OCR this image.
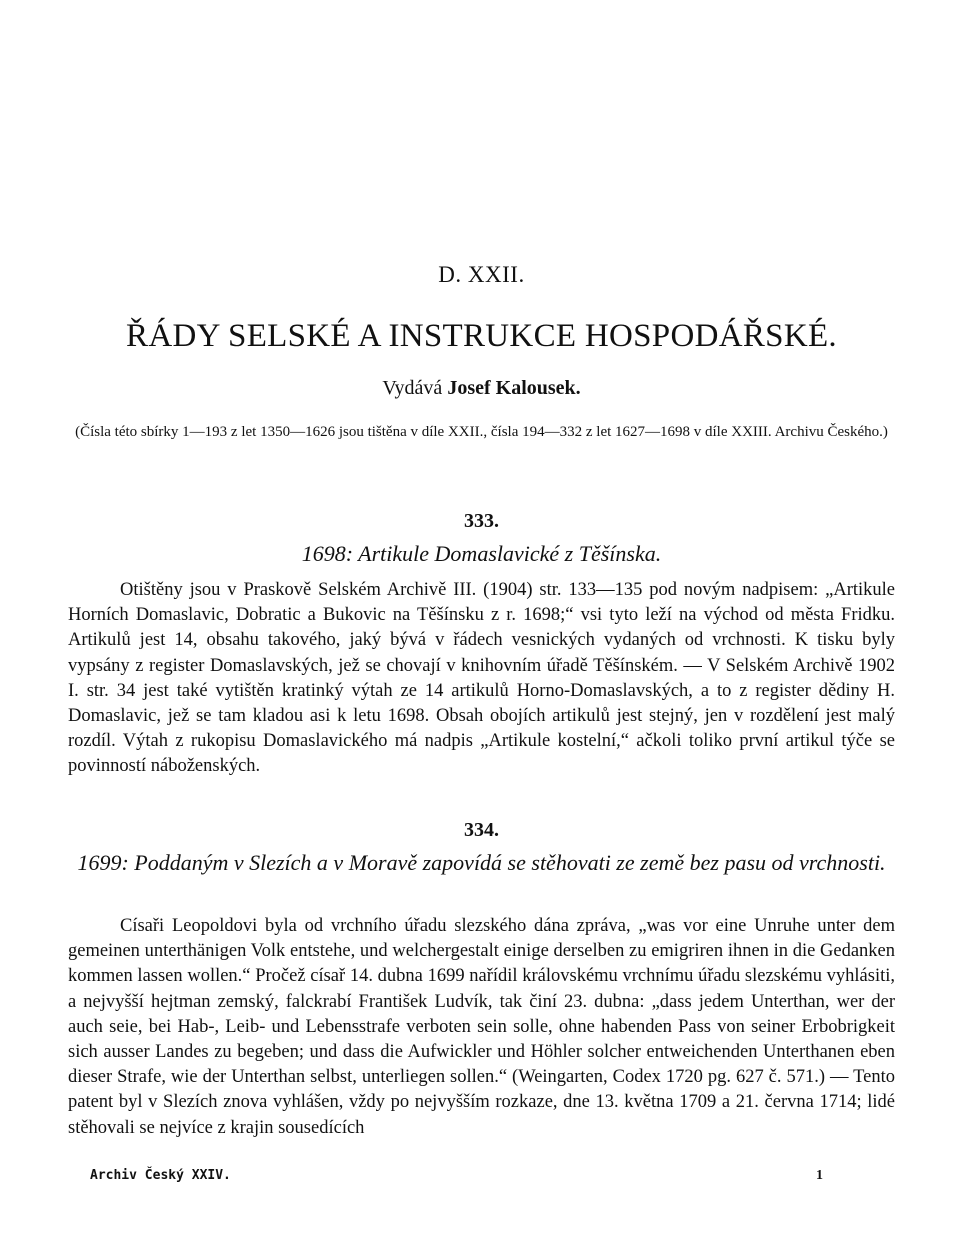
D. XXII.
ŘÁDY SELSKÉ A INSTRUKCE HOSPODÁŘSKÉ.
Vydává Josef Kalousek.
(Čísla této sbírky 1—193 z let 1350—1626 jsou tištěna v díle XXII., čísla 194—332 z let 1627—1698 v díle XXIII. Archivu Českého.)
333.
1698: Artikule Domaslavické z Těšínska.
Otištěny jsou v Praskově Selském Archivě III. (1904) str. 133—135 pod novým nadpisem: „Artikule Horních Domaslavic, Dobratic a Bukovic na Těšínsku z r. 1698;“ vsi tyto leží na východ od města Fridku. Artikulů jest 14, obsahu takového, jaký bývá v řádech vesnických vydaných od vrchnosti. K tisku byly vypsány z register Domaslavských, jež se chovají v knihovním úřadě Těšínském. — V Selském Archivě 1902 I. str. 34 jest také vytištěn kratinký výtah ze 14 artikulů Horno-Domaslavských, a to z register dědiny H. Domaslavic, jež se tam kladou asi k letu 1698. Obsah obojích artikulů jest stejný, jen v rozdělení jest malý rozdíl. Výtah z rukopisu Domaslavického má nadpis „Artikule kostelní,“ ačkoli toliko první artikul týče se povinností náboženských.
334.
1699: Poddaným v Slezích a v Moravě zapovídá se stěhovati ze země bez pasu od vrchnosti.
Císaři Leopoldovi byla od vrchního úřadu slezského dána zpráva, „was vor eine Unruhe unter dem gemeinen unterthänigen Volk entstehe, und welchergestalt einige derselben zu emigriren ihnen in die Gedanken kommen lassen wollen.“ Pročež císař 14. dubna 1699 nařídil královskému vrchnímu úřadu slezskému vyhlásiti, a nejvyšší hejtman zemský, falckrabí František Ludvík, tak činí 23. dubna: „dass jedem Unterthan, wer der auch seie, bei Hab-, Leib- und Lebensstrafe verboten sein solle, ohne habenden Pass von seiner Erbobrigkeit sich ausser Landes zu begeben; und dass die Aufwickler und Höhler solcher entweichenden Unterthanen eben dieser Strafe, wie der Unterthan selbst, unterliegen sollen.“ (Weingarten, Codex 1720 pg. 627 č. 571.) — Tento patent byl v Slezích znova vyhlášen, vždy po nejvyšším rozkaze, dne 13. května 1709 a 21. června 1714; lidé stěhovali se nejvíce z krajin sousedících
Archiv Český XXIV.	1
